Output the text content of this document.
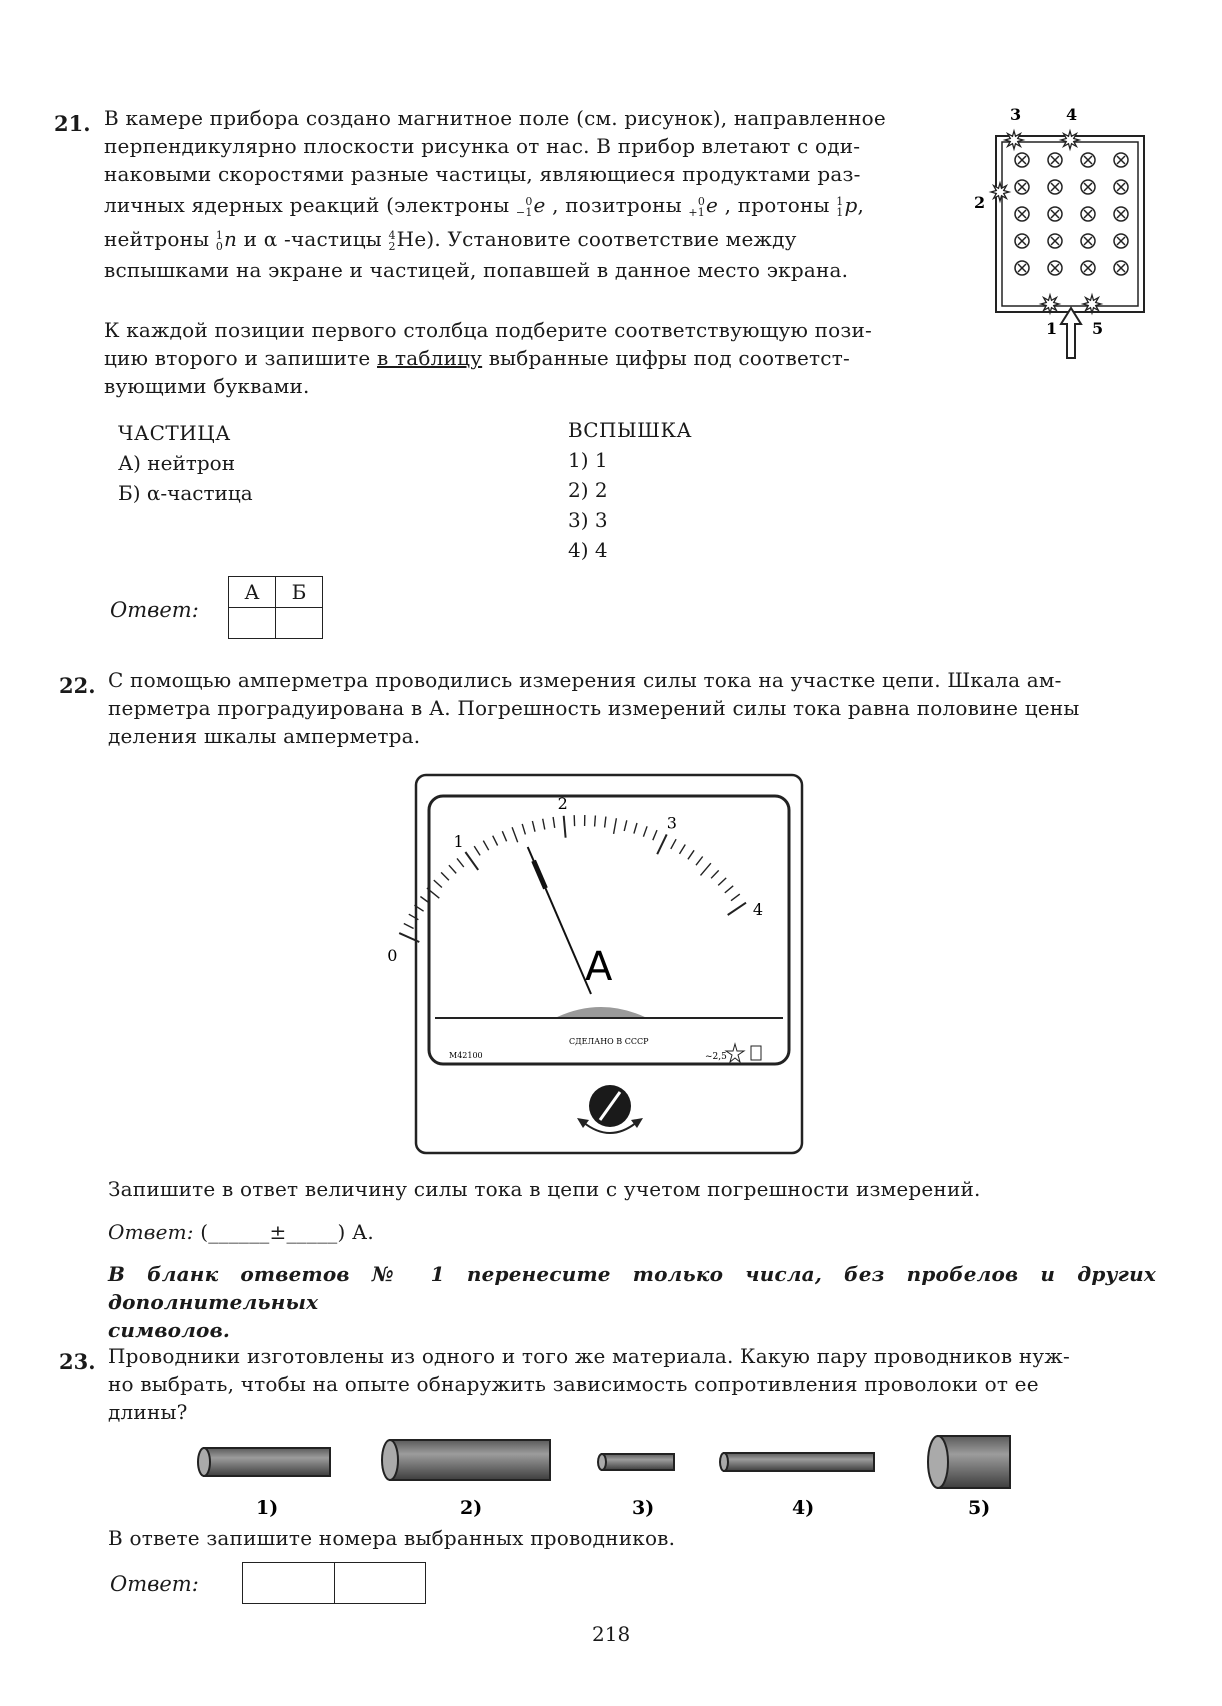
21. В камере прибора создано магнитное поле (см. рисунок), направленное
перпендикулярно плоскости рисунка от нас. В прибор влетают с оди-
наковыми скоростями разные частицы, являющиеся продуктами раз-
личных ядерных реакций (электроны 0
−1 e , позитроны 0
+1 e , протоны 1
1 p,
нейтроны 1
0 n и α -частицы 4
2 He). Установите соответствие между
вспышками на экране и частицей, попавшей в данное место экрана.
К каждой позиции первого столбца подберите соответствующую пози-
цию второго и запишите в таблицу выбранные цифры под соответст-
вующими буквами.
ЧАСТИЦА
А) нейтрон
Б) α-частица
ВСПЫШКА
1) 1
2) 2
3) 3
4) 4
Ответ:
А	Б

3	4
2
1 5
22. С помощью амперметра проводились измерения силы тока на участке цепи. Шкала ам-
перметра проградуирована в А. Погрешность измерений силы тока равна половине цены
деления шкалы амперметра.
0
1
2
3
4
A
СДЕЛАНО В СССР
М42100	~2,5
Запишите в ответ величину силы тока в цепи с учетом погрешности измерений.
Ответ: (______±_____) А.
В бланк ответов № 1 перенесите только числа, без пробелов и других дополнительных
символов.
23. Проводники изготовлены из одного и того же материала. Какую пару проводников нуж-
но выбрать, чтобы на опыте обнаружить зависимость сопротивления проволоки от ее
длины?
1)	2)	3)	4)	5)
В ответе запишите номера выбранных проводников.
Ответ:
218
